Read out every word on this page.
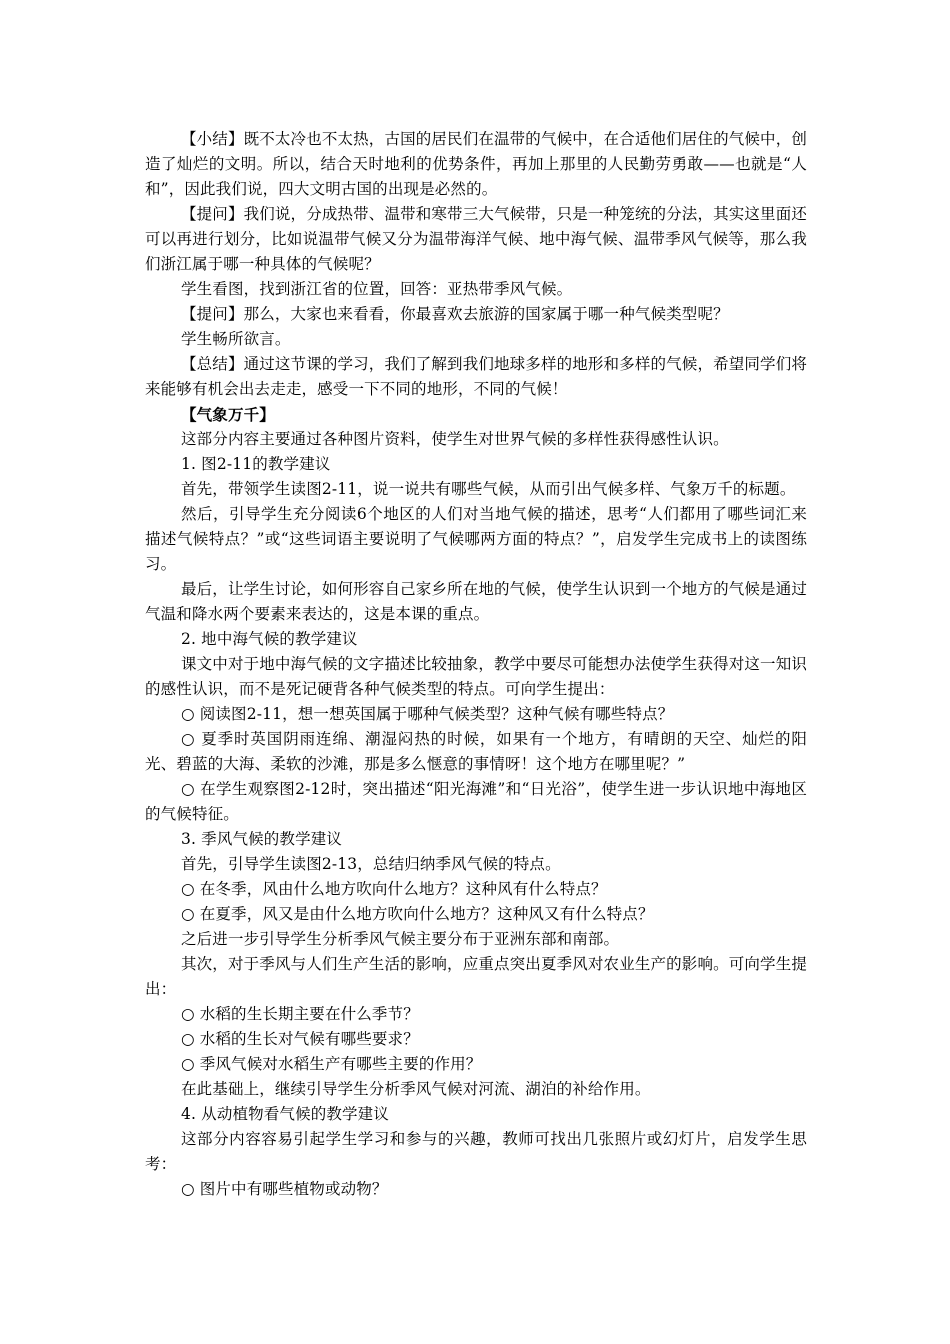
【小结】既不太冷也不太热，古国的居民们在温带的气候中，在合适他们居住的气候中，创造了灿烂的文明。所以，结合天时地利的优势条件，再加上那里的人民勤劳勇敢——也就是“人和”，因此我们说，四大文明古国的出现是必然的。

【提问】我们说，分成热带、温带和寒带三大气候带，只是一种笼统的分法，其实这里面还可以再进行划分，比如说温带气候又分为温带海洋气候、地中海气候、温带季风气候等，那么我们浙江属于哪一种具体的气候呢？

学生看图，找到浙江省的位置，回答：亚热带季风气候。

【提问】那么，大家也来看看，你最喜欢去旅游的国家属于哪一种气候类型呢？

学生畅所欲言。

【总结】通过这节课的学习，我们了解到我们地球多样的地形和多样的气候，希望同学们将来能够有机会出去走走，感受一下不同的地形，不同的气候！

【气象万千】

这部分内容主要通过各种图片资料，使学生对世界气候的多样性获得感性认识。

1. 图2-11的教学建议

首先，带领学生读图2-11，说一说共有哪些气候，从而引出气候多样、气象万千的标题。

然后，引导学生充分阅读6个地区的人们对当地气候的描述，思考“人们都用了哪些词汇来描述气候特点？”或“这些词语主要说明了气候哪两方面的特点？”，启发学生完成书上的读图练习。

最后，让学生讨论，如何形容自己家乡所在地的气候，使学生认识到一个地方的气候是通过气温和降水两个要素来表达的，这是本课的重点。

2. 地中海气候的教学建议

课文中对于地中海气候的文字描述比较抽象，教学中要尽可能想办法使学生获得对这一知识的感性认识，而不是死记硬背各种气候类型的特点。可向学生提出：

○ 阅读图2-11，想一想英国属于哪种气候类型？这种气候有哪些特点？

○ 夏季时英国阴雨连绵、潮湿闷热的时候，如果有一个地方，有晴朗的天空、灿烂的阳光、碧蓝的大海、柔软的沙滩，那是多么惬意的事情呀！这个地方在哪里呢？”

○ 在学生观察图2-12时，突出描述“阳光海滩”和“日光浴”，使学生进一步认识地中海地区的气候特征。

3. 季风气候的教学建议

首先，引导学生读图2-13，总结归纳季风气候的特点。

○ 在冬季，风由什么地方吹向什么地方？这种风有什么特点？

○ 在夏季，风又是由什么地方吹向什么地方？这种风又有什么特点？

之后进一步引导学生分析季风气候主要分布于亚洲东部和南部。

其次，对于季风与人们生产生活的影响，应重点突出夏季风对农业生产的影响。可向学生提出：

○ 水稻的生长期主要在什么季节？

○ 水稻的生长对气候有哪些要求？

○ 季风气候对水稻生产有哪些主要的作用？

在此基础上，继续引导学生分析季风气候对河流、湖泊的补给作用。

4. 从动植物看气候的教学建议

这部分内容容易引起学生学习和参与的兴趣，教师可找出几张照片或幻灯片，启发学生思考：

○ 图片中有哪些植物或动物？
